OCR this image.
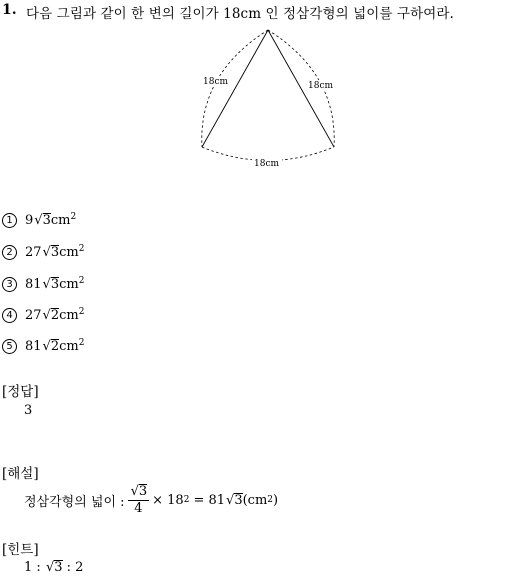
1. 다음 그림과 같이 한 변의 길이가 18cm 인 정삼각형의 넓이를 구하여라.
18cm	18cm
18cm
1 $9√3cm^2$
2 $27√3cm^2$
3 $81√3cm^2$
4 $27√2cm^2$
5 $81√2cm^2$
[정답]
3
[해설]
정삼각형의 넓이 : $\frac{√3}{4} \times 18$ 2 = 81 √3 (cm 2 )
[힌트]
1 : √3 : 2
